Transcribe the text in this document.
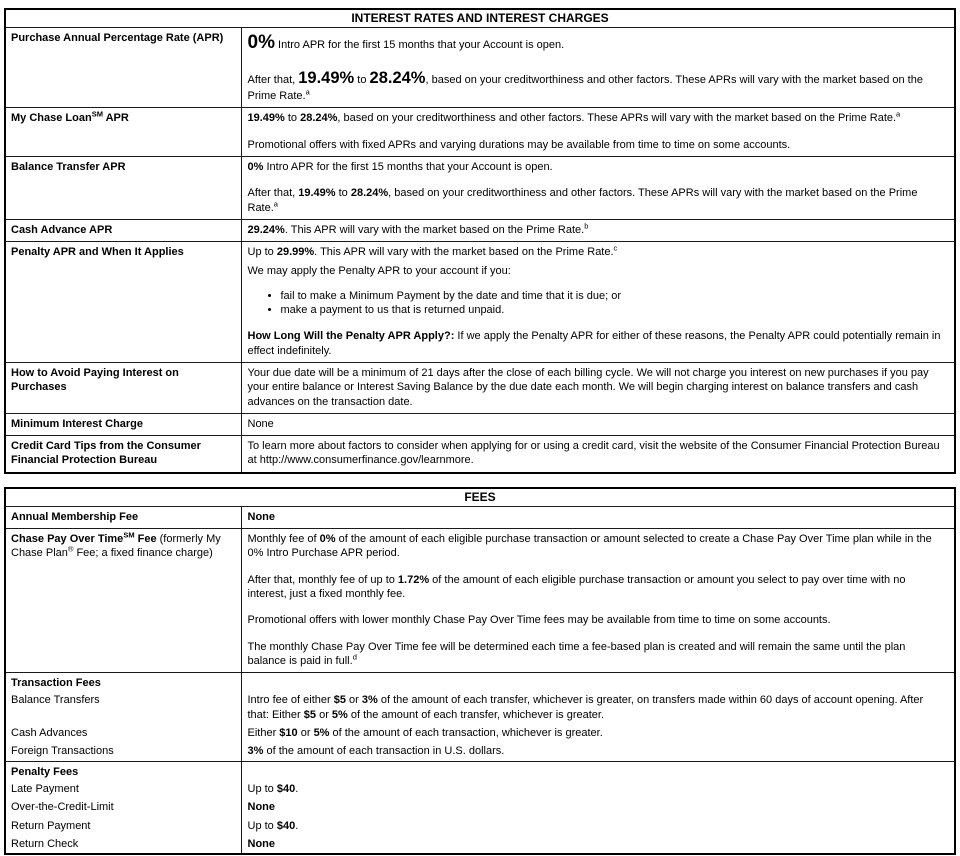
INTEREST RATES AND INTEREST CHARGES	
Purchase Annual Percentage Rate (APR)	0% Intro APR for the first 15 months that your Account is open.

After that, 19.49% to 28.24%, based on your creditworthiness and other factors. These APRs will vary with the market based on the Prime Rate.$^a$

My Chase Loan℠ APR	19.49% to 28.24%, based on your creditworthiness and other factors. These APRs will vary with the market based on the Prime Rate.$^a$

Promotional offers with fixed APRs and varying durations may be available from time to time on some accounts.

Balance Transfer APR	0% Intro APR for the first 15 months that your Account is open.

After that, 19.49% to 28.24%, based on your creditworthiness and other factors. These APRs will vary with the market based on the Prime Rate.$^a$

Cash Advance APR	29.24%. This APR will vary with the market based on the Prime Rate.$^b$

Penalty APR and When It Applies	Up to 29.99%. This APR will vary with the market based on the Prime Rate.$^c$

We may apply the Penalty APR to your account if you:

• fail to make a Minimum Payment by the date and time that it is due; or
• make a payment to us that is returned unpaid.

How Long Will the Penalty APR Apply?: If we apply the Penalty APR for either of these reasons, the Penalty APR could potentially remain in effect indefinitely.

How to Avoid Paying Interest on Purchases	Your due date will be a minimum of 21 days after the close of each billing cycle. We will not charge you interest on new purchases if you pay your entire balance or Interest Saving Balance by the due date each month. We will begin charging interest on balance transfers and cash advances on the transaction date.

Minimum Interest Charge	None

Credit Card Tips from the Consumer Financial Protection Bureau	To learn more about factors to consider when applying for or using a credit card, visit the website of the Consumer Financial Protection Bureau at http://www.consumerfinance.gov/learnmore.

FEES	
Annual Membership Fee	None

Chase Pay Over Time℠ Fee (formerly My Chase Plan® Fee; a fixed finance charge)	Monthly fee of 0% of the amount of each eligible purchase transaction or amount selected to create a Chase Pay Over Time plan while in the 0% Intro Purchase APR period.

After that, monthly fee of up to 1.72% of the amount of each eligible purchase transaction or amount you select to pay over time with no interest, just a fixed monthly fee.

Promotional offers with lower monthly Chase Pay Over Time fees may be available from time to time on some accounts.

The monthly Chase Pay Over Time fee will be determined each time a fee-based plan is created and will remain the same until the plan balance is paid in full.$^d$

Transaction Fees	
Balance Transfers	Intro fee of either $5 or 3% of the amount of each transfer, whichever is greater, on transfers made within 60 days of account opening. After that: Either $5 or 5% of the amount of each transfer, whichever is greater.

Cash Advances	Either $10 or 5% of the amount of each transaction, whichever is greater.

Foreign Transactions	3% of the amount of each transaction in U.S. dollars.

Penalty Fees	
Late Payment	Up to $40.

Over-the-Credit-Limit	None

Return Payment	Up to $40.

Return Check	None
